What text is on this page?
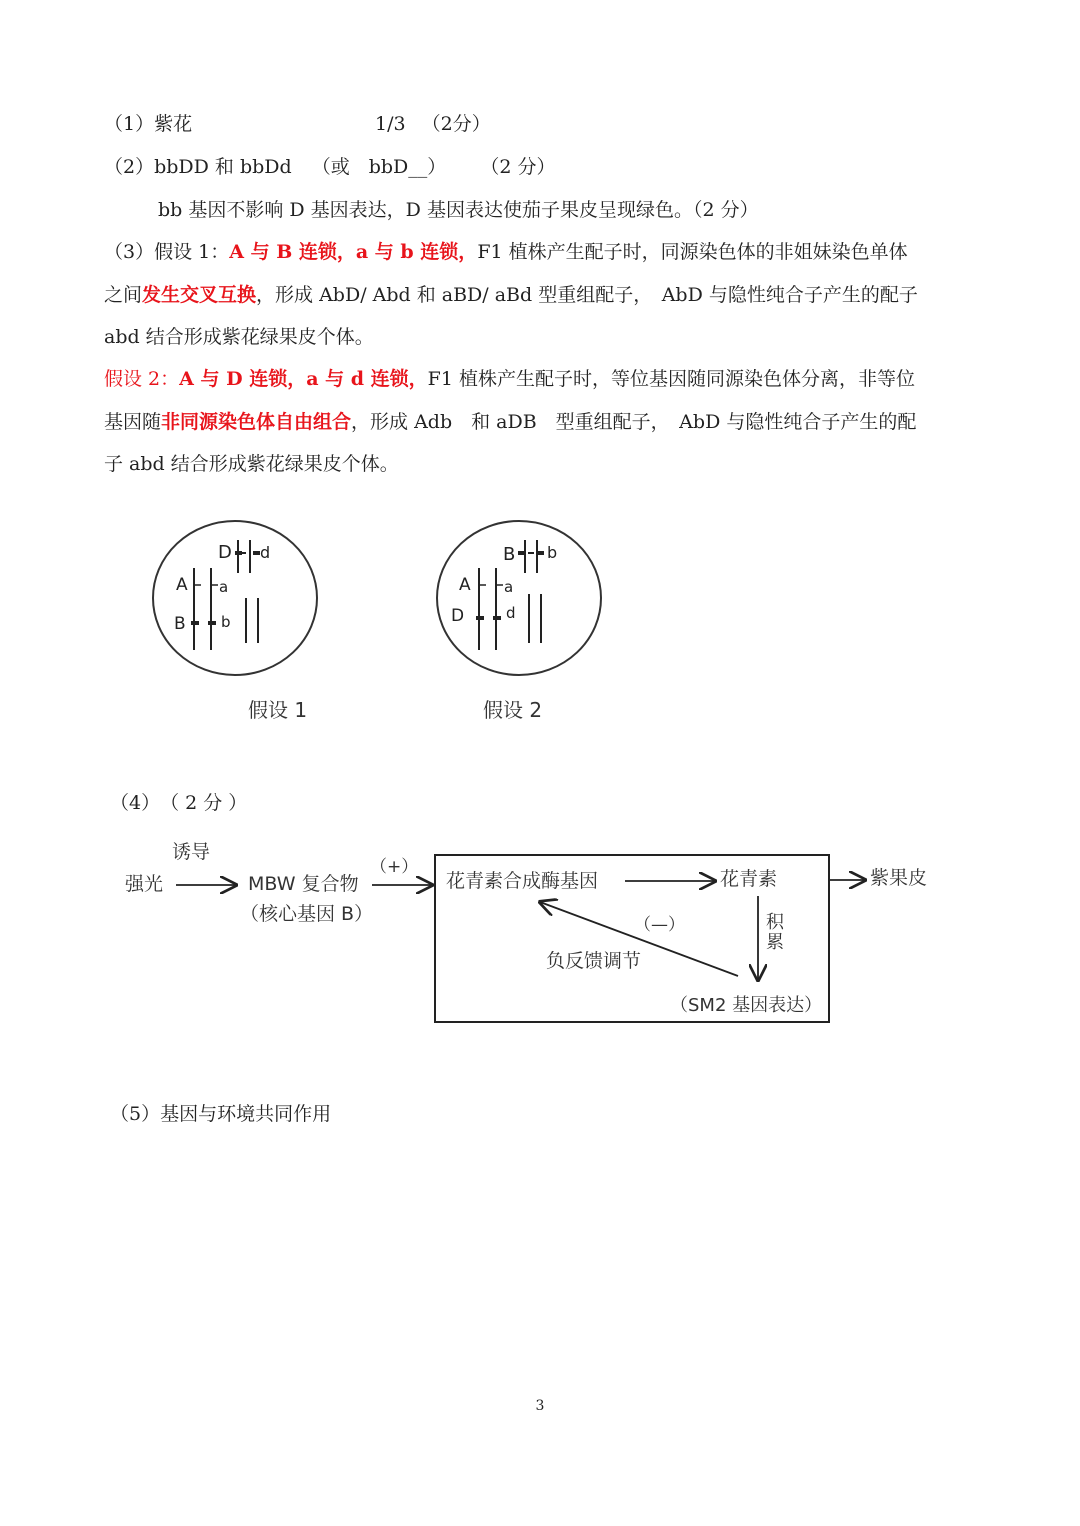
（1）紫花	1/3 （2分）
（2）bbDD 和 bbDd （或　bbD__） （2 分）
bb 基因不影响 D 基因表达，D 基因表达使茄子果皮呈现绿色。（2 分）
（3）假设 1：A 与 B 连锁，a 与 b 连锁，F1 植株产生配子时，同源染色体的非姐妹染色单体
之间发生交叉互换，形成 AbD/ Abd 和 aBD/ aBd 型重组配子，　AbD 与隐性纯合子产生的配子
abd 结合形成紫花绿果皮个体。
假设 2：A 与 D 连锁，a 与 d 连锁，F1 植株产生配子时，等位基因随同源染色体分离，非等位
基因随非同源染色体自由组合，形成 Adb　和 aDB　型重组配子，　AbD 与隐性纯合子产生的配
子 abd 结合形成紫花绿果皮个体。
D d
A a
B b
假设 1
B b
A a
D	d
假设 2
（4）　（ 2 分 ）
强光
诱导
MBW 复合物
（核心基因 B）
（+）
花青素合成酶基因	花青素
积
累
（—）
负反馈调节
（SM2 基因表达）
紫果皮
（5）基因与环境共同作用
3
